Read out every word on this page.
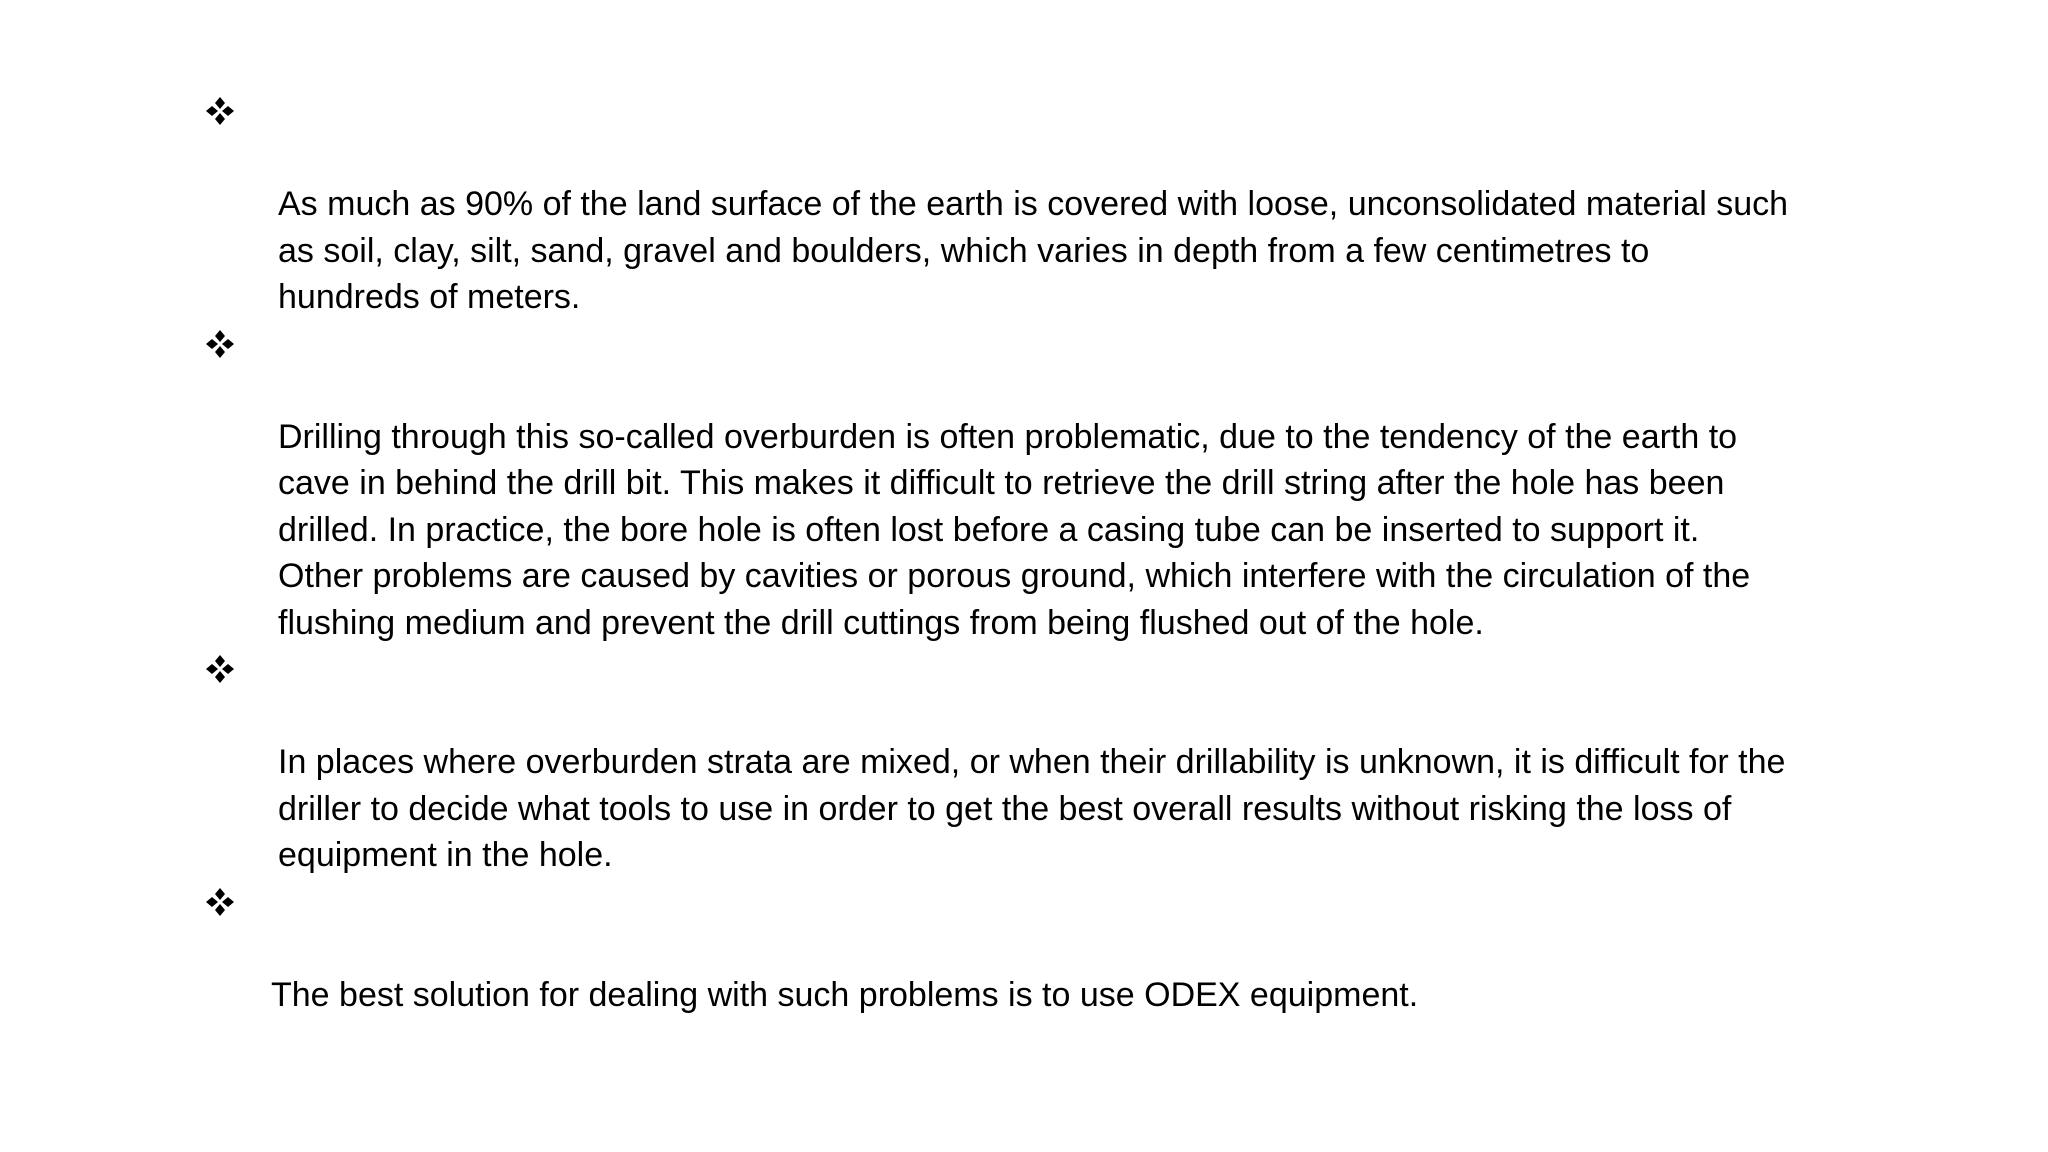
As much as 90% of the land surface of the earth is covered with loose, unconsolidated material such
as soil, clay, silt, sand, gravel and boulders, which varies in depth from a few centimetres to
hundreds of meters.

Drilling through this so-called overburden is often problematic, due to the tendency of the earth to
cave in behind the drill bit. This makes it difficult to retrieve the drill string after the hole has been
drilled. In practice, the bore hole is often lost before a casing tube can be inserted to support it.
Other problems are caused by cavities or porous ground, which interfere with the circulation of the
flushing medium and prevent the drill cuttings from being flushed out of the hole.

In places where overburden strata are mixed, or when their drillability is unknown, it is difficult for the
driller to decide what tools to use in order to get the best overall results without risking the loss of
equipment in the hole.

The best solution for dealing with such problems is to use ODEX equipment.
